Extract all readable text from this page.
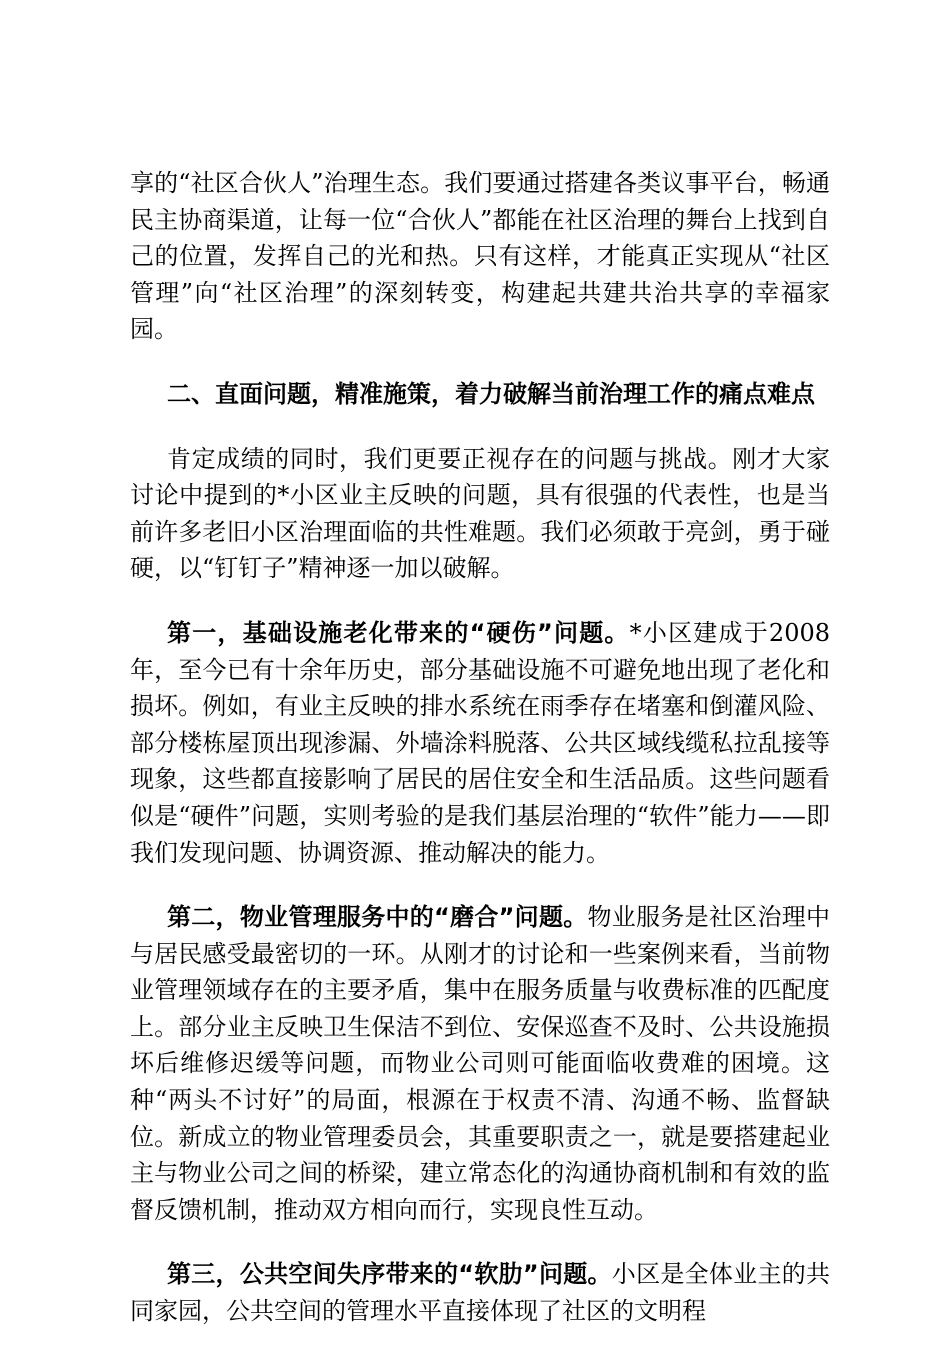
享的“社区合伙人”治理生态。我们要通过搭建各类议事平台，畅通民主协商渠道，让每一位“合伙人”都能在社区治理的舞台上找到自己的位置，发挥自己的光和热。只有这样，才能真正实现从“社区管理”向“社区治理”的深刻转变，构建起共建共治共享的幸福家园。

二、直面问题，精准施策，着力破解当前治理工作的痛点难点

肯定成绩的同时，我们更要正视存在的问题与挑战。刚才大家讨论中提到的*小区业主反映的问题，具有很强的代表性，也是当前许多老旧小区治理面临的共性难题。我们必须敢于亮剑，勇于碰硬，以“钉钉子”精神逐一加以破解。

第一，基础设施老化带来的“硬伤”问题。*小区建成于2008年，至今已有十余年历史，部分基础设施不可避免地出现了老化和损坏。例如，有业主反映的排水系统在雨季存在堵塞和倒灌风险、部分楼栋屋顶出现渗漏、外墙涂料脱落、公共区域线缆私拉乱接等现象，这些都直接影响了居民的居住安全和生活品质。这些问题看似是“硬件”问题，实则考验的是我们基层治理的“软件”能力——即我们发现问题、协调资源、推动解决的能力。

第二，物业管理服务中的“磨合”问题。物业服务是社区治理中与居民感受最密切的一环。从刚才的讨论和一些案例来看，当前物业管理领域存在的主要矛盾，集中在服务质量与收费标准的匹配度上。部分业主反映卫生保洁不到位、安保巡查不及时、公共设施损坏后维修迟缓等问题，而物业公司则可能面临收费难的困境。这种“两头不讨好”的局面，根源在于权责不清、沟通不畅、监督缺位。新成立的物业管理委员会，其重要职责之一，就是要搭建起业主与物业公司之间的桥梁，建立常态化的沟通协商机制和有效的监督反馈机制，推动双方相向而行，实现良性互动。

第三，公共空间失序带来的“软肋”问题。小区是全体业主的共同家园，公共空间的管理水平直接体现了社区的文明程
